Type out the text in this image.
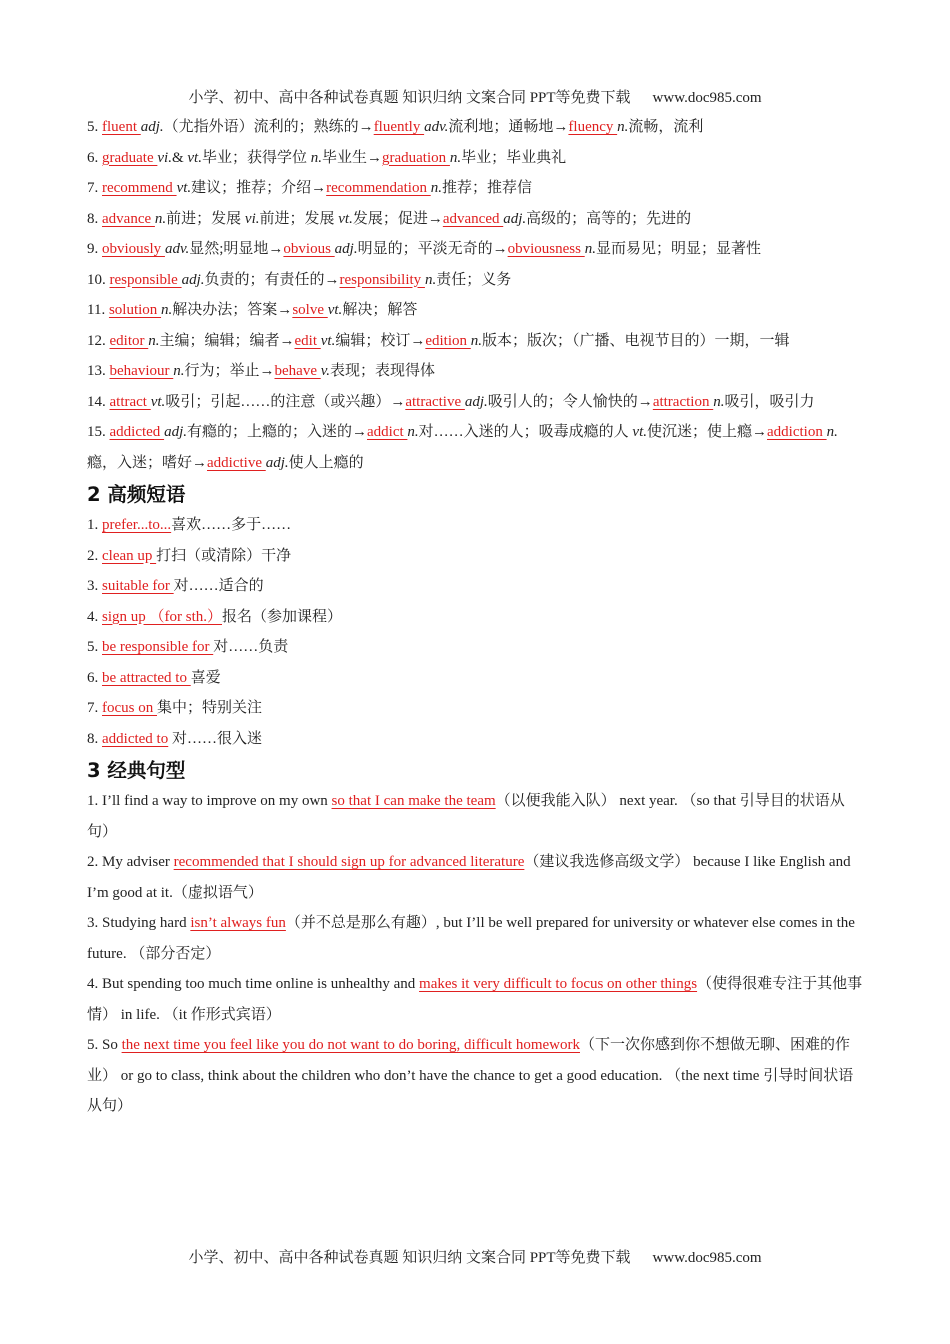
小学、初中、高中各种试卷真题 知识归纳 文案合同 PPT等免费下载 www.doc985.com

5. fluent adj.（尤指外语）流利的；熟练的→fluently adv.流利地；通畅地→fluency n.流畅，流利

6. graduate vi.& vt.毕业；获得学位 n.毕业生→graduation n.毕业；毕业典礼

7. recommend vt.建议；推荐；介绍→recommendation n.推荐；推荐信

8. advance n.前进；发展 vi.前进；发展 vt.发展；促进→advanced adj.高级的；高等的；先进的

9. obviously adv.显然;明显地→obvious adj.明显的；平淡无奇的→obviousness n.显而易见；明显；显著性

10. responsible adj.负责的；有责任的→responsibility n.责任；义务

11. solution n.解决办法；答案→solve vt.解决；解答

12. editor n.主编；编辑；编者→edit vt.编辑；校订→edition n.版本；版次；（广播、电视节目的）一期，一辑

13. behaviour n.行为；举止→behave v.表现；表现得体

14. attract vt.吸引；引起……的注意（或兴趣）→attractive adj.吸引人的；令人愉快的→attraction n.吸引，吸引力

15. addicted adj.有瘾的；上瘾的；入迷的→addict n.对……入迷的人；吸毒成瘾的人 vt.使沉迷；使上瘾→addiction n.瘾，入迷；嗜好→addictive adj.使人上瘾的

2 高频短语

1. prefer...to...喜欢……多于……

2. clean up 打扫（或清除）干净

3. suitable for 对……适合的

4. sign up （for sth.）报名（参加课程）

5. be responsible for 对……负责

6. be attracted to 喜爱

7. focus on 集中；特别关注

8. addicted to 对……很入迷

3 经典句型

1. I’ll find a way to improve on my own so that I can make the team（以便我能入队） next year. （so that 引导目的状语从句）

2. My adviser recommended that I should sign up for advanced literature（建议我选修高级文学） because I like English and I’m good at it.（虚拟语气）

3. Studying hard isn’t always fun（并不总是那么有趣）, but I’ll be well prepared for university or whatever else comes in the future. （部分否定）

4. But spending too much time online is unhealthy and makes it very difficult to focus on other things（使得很难专注于其他事情） in life. （it 作形式宾语）

5. So the next time you feel like you do not want to do boring, difficult homework（下一次你感到你不想做无聊、困难的作业） or go to class, think about the children who don’t have the chance to get a good education. （the next time 引导时间状语从句）

小学、初中、高中各种试卷真题 知识归纳 文案合同 PPT等免费下载 www.doc985.com
